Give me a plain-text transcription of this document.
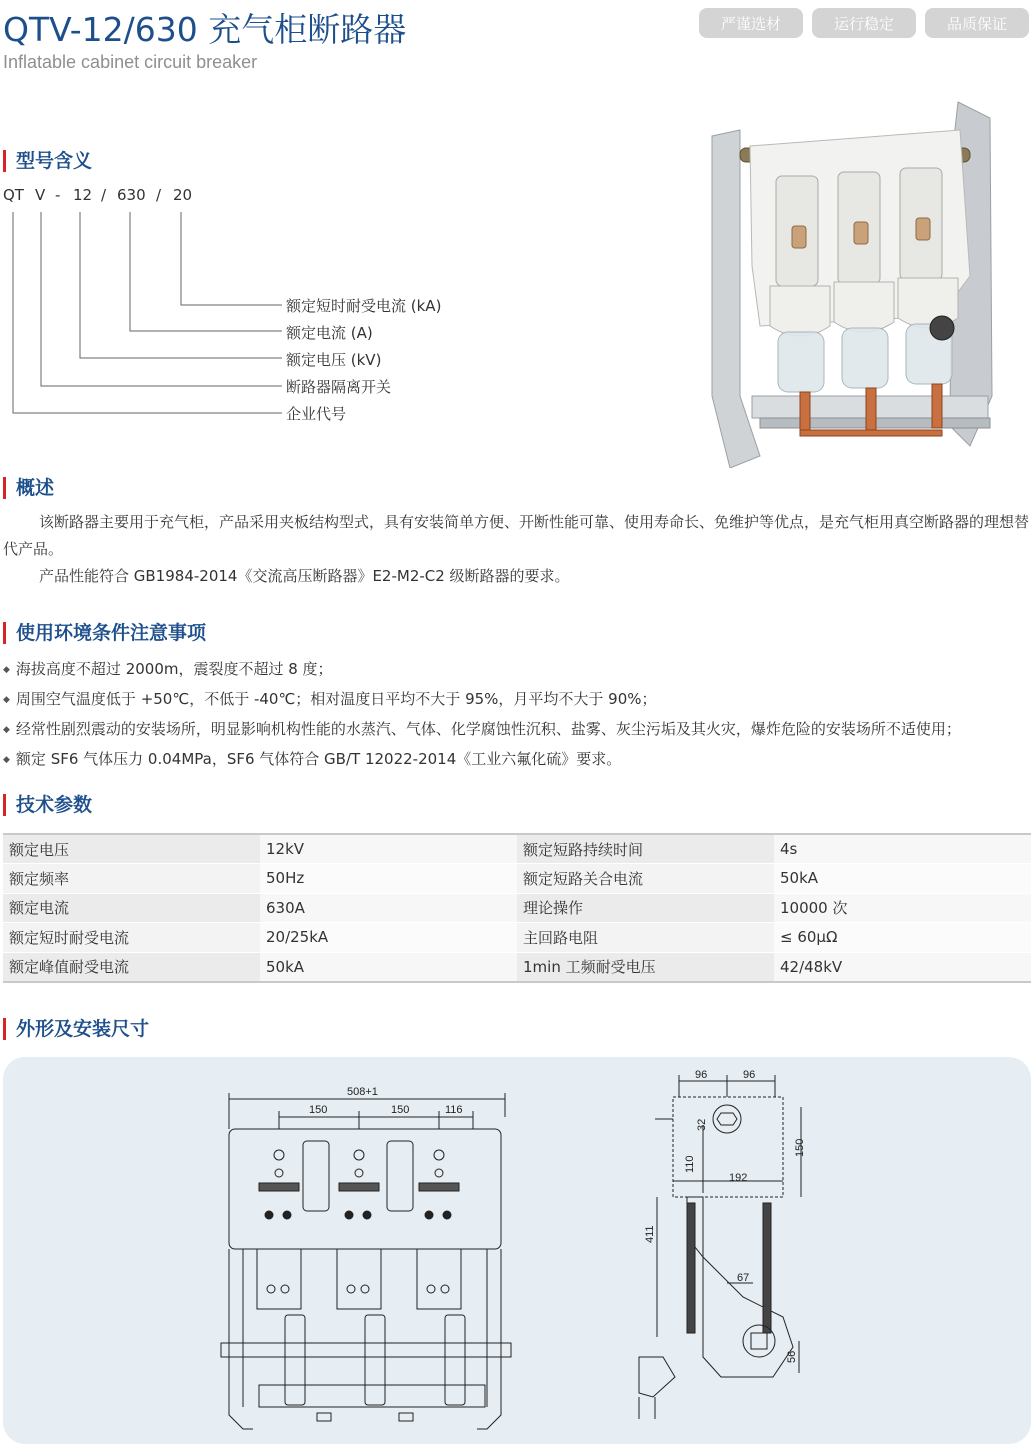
QTV-12/630 充气柜断路器
Inflatable cabinet circuit breaker
严谨选材	运行稳定	品质保证
型号含义
QT V - 12 / 630 / 20
额定短时耐受电流 (kA)
额定电流 (A)
额定电压 (kV)
断路器隔离开关
企业代号
概述

该断路器主要用于充气柜，产品采用夹板结构型式，具有安装简单方便、开断性能可靠、使用寿命长、免维护等优点，是充气柜用真空断路器的理想替代产品。

产品性能符合 GB1984-2014《交流高压断路器》E2-M2-C2 级断路器的要求。

使用环境条件注意事项
◆ 海拔高度不超过 2000m，震裂度不超过 8 度；
◆ 周围空气温度低于 +50℃，不低于 -40℃；相对温度日平均不大于 95%，月平均不大于 90%；
◆ 经常性剧烈震动的安装场所，明显影响机构性能的水蒸汽、气体、化学腐蚀性沉积、盐雾、灰尘污垢及其火灾，爆炸危险的安装场所不适使用；
◆ 额定 SF6 气体压力 0.04MPa，SF6 气体符合 GB/T 12022-2014《工业六氟化硫》要求。
技术参数
额定电压	12kV	额定短路持续时间	4s
额定频率	50Hz	额定短路关合电流	50kA
额定电流	630A	理论操作	10000 次
额定短时耐受电流	20/25kA	主回路电阻	≤ 60μΩ
额定峰值耐受电流	50kA	1min 工频耐受电压	42/48kV
外形及安装尺寸
508+1
150	150	116
96	96
32
110
150
192
411
67
56
